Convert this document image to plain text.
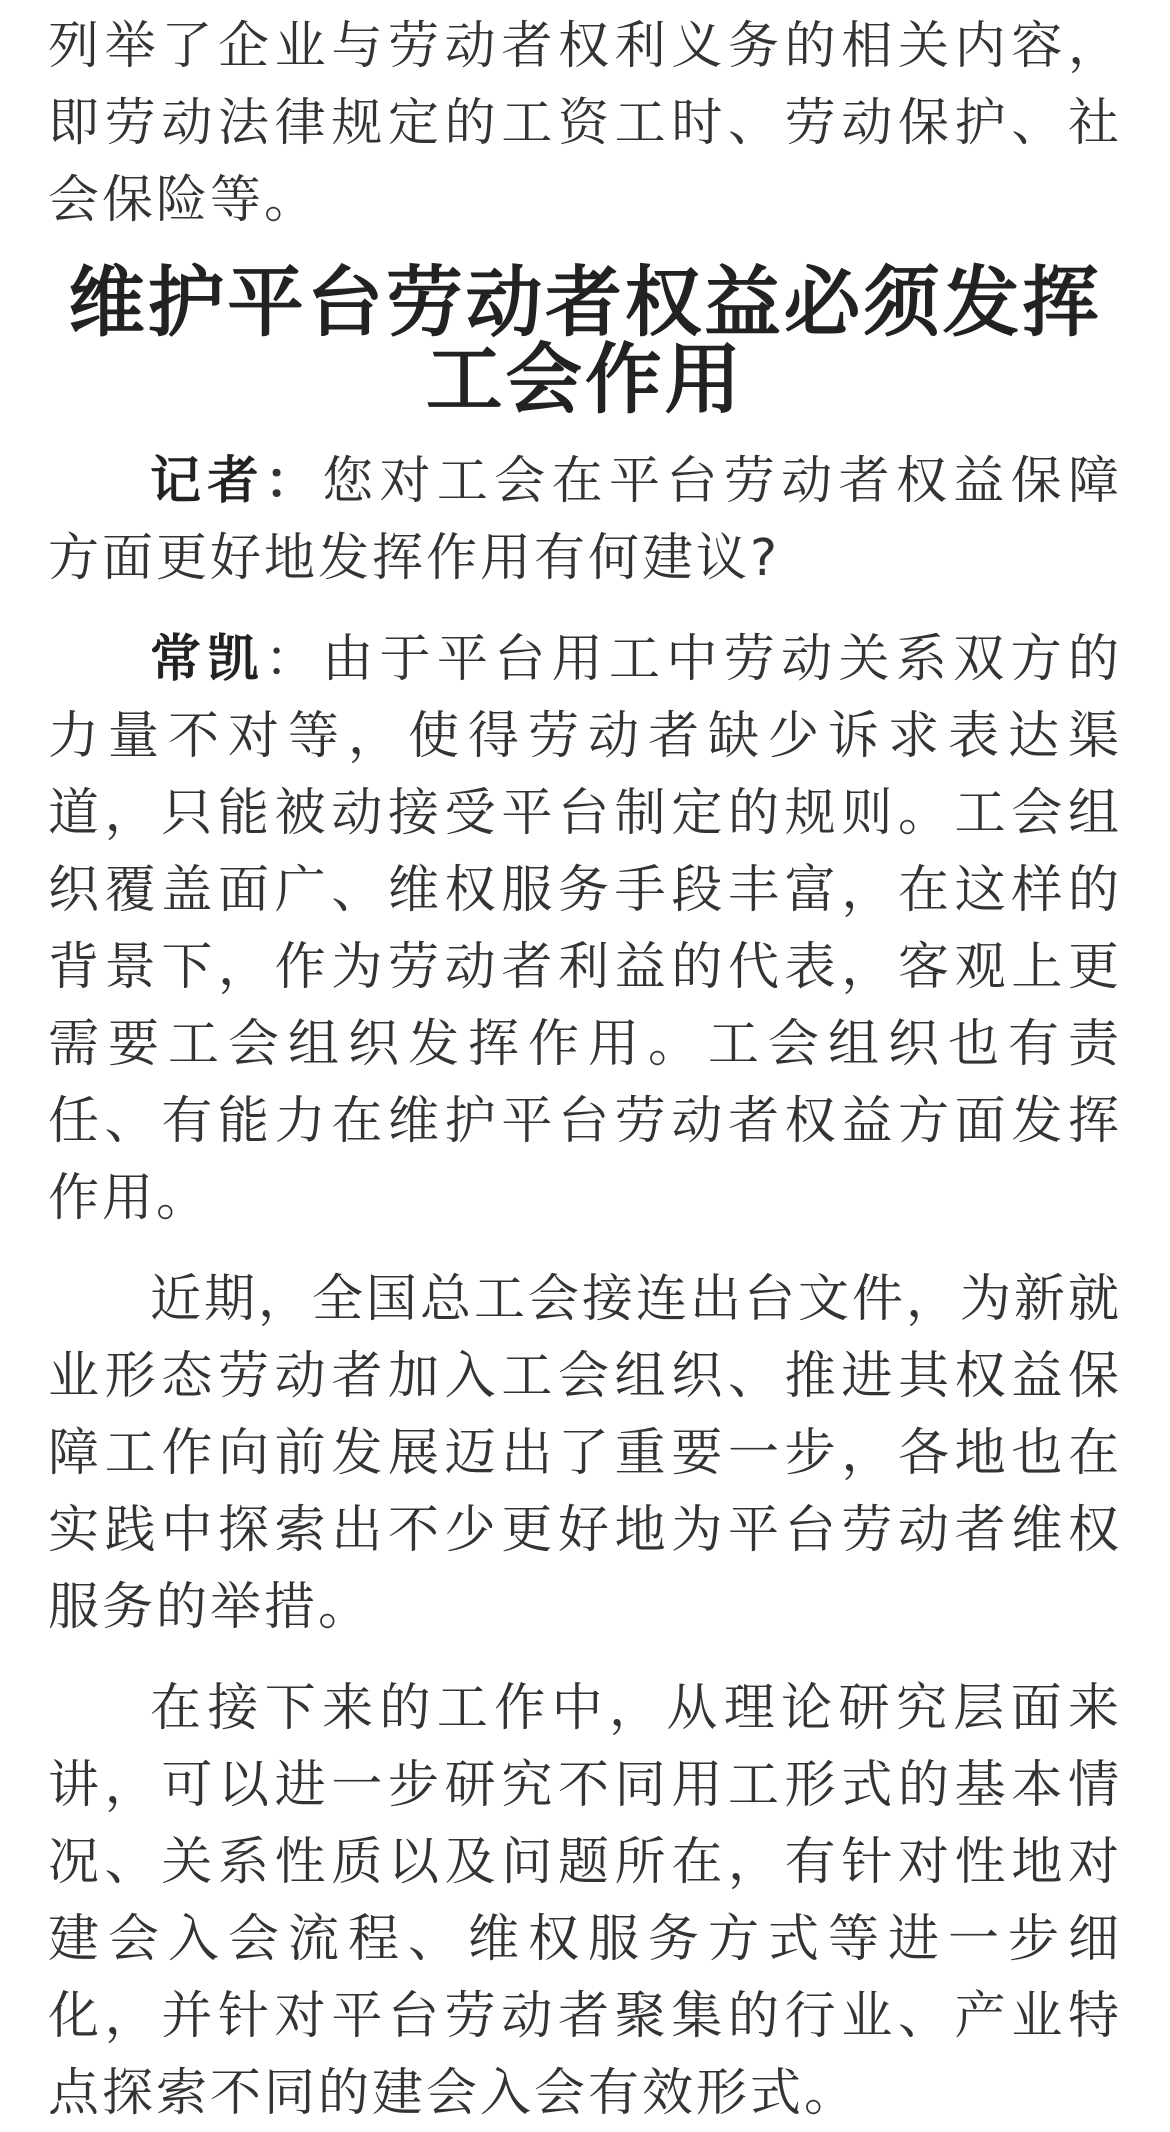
列举了企业与劳动者权利义务的相关内容，即劳动法律规定的工资工时、劳动保护、社会保险等。

维护平台劳动者权益必须发挥工会作用

记者：您对工会在平台劳动者权益保障方面更好地发挥作用有何建议?

常凯：由于平台用工中劳动关系双方的力量不对等，使得劳动者缺少诉求表达渠道，只能被动接受平台制定的规则。工会组织覆盖面广、维权服务手段丰富，在这样的背景下，作为劳动者利益的代表，客观上更需要工会组织发挥作用。工会组织也有责任、有能力在维护平台劳动者权益方面发挥作用。

近期，全国总工会接连出台文件，为新就业形态劳动者加入工会组织、推进其权益保障工作向前发展迈出了重要一步，各地也在实践中探索出不少更好地为平台劳动者维权服务的举措。

在接下来的工作中，从理论研究层面来讲，可以进一步研究不同用工形式的基本情况、关系性质以及问题所在，有针对性地对建会入会流程、维权服务方式等进一步细化，并针对平台劳动者聚集的行业、产业特点探索不同的建会入会有效形式。
